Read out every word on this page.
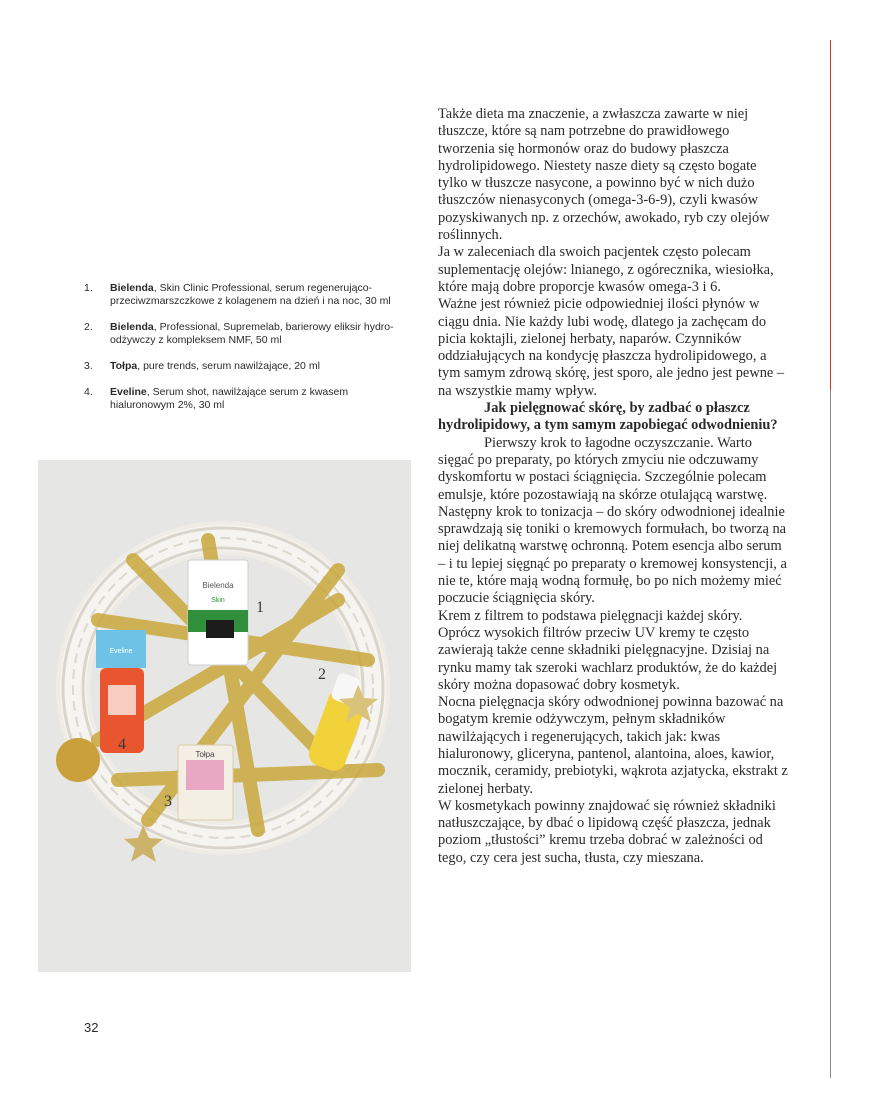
1.	Bielenda, Skin Clinic Professional, serum regenerująco-przeciwzmarszczkowe z kolagenem na dzień i na noc, 30 ml
2.	Bielenda, Professional, Supremelab, barierowy eliksir hydro-odżywczy z kompleksem NMF, 50 ml
3.	Tołpa, pure trends, serum nawilżające, 20 ml
4.	Eveline, Serum shot, nawilżające serum z kwasem hialuronowym 2%, 30 ml
Bielenda
Skin
Eveline
Tołpa
1
2
3
4

Także dieta ma znaczenie, a zwłaszcza zawarte w niej tłuszcze, które są nam potrzebne do prawidłowego tworzenia się hormonów oraz do budowy płaszcza hydrolipidowego. Niestety nasze diety są często bogate tylko w tłuszcze nasycone, a powinno być w nich dużo tłuszczów nienasyconych (omega-3-6-9), czyli kwasów pozyskiwanych np. z orzechów, awokado, ryb czy olejów roślinnych.

Ja w zaleceniach dla swoich pacjentek często polecam suplementację olejów: lnianego, z ogórecznika, wiesiołka, które mają dobre proporcje kwasów omega-3 i 6.

Ważne jest również picie odpowiedniej ilości płynów w ciągu dnia. Nie każdy lubi wodę, dlatego ja zachęcam do picia koktajli, zielonej herbaty, naparów. Czynników oddziałujących na kondycję płaszcza hydrolipidowego, a tym samym zdrową skórę, jest sporo, ale jedno jest pewne – na wszystkie mamy wpływ.

Jak pielęgnować skórę, by zadbać o płaszcz hydrolipidowy, a tym samym zapobiegać odwodnieniu?

Pierwszy krok to łagodne oczyszczanie. Warto sięgać po preparaty, po których zmyciu nie odczuwamy dyskomfortu w postaci ściągnięcia. Szczególnie polecam emulsje, które pozostawiają na skórze otulającą warstwę.

Następny krok to tonizacja – do skóry odwodnionej idealnie sprawdzają się toniki o kremowych formułach, bo tworzą na niej delikatną warstwę ochronną. Potem esencja albo serum – i tu lepiej sięgnąć po preparaty o kremowej konsystencji, a nie te, które mają wodną formułę, bo po nich możemy mieć poczucie ściągnięcia skóry.

Krem z filtrem to podstawa pielęgnacji każdej skóry. Oprócz wysokich filtrów przeciw UV kremy te często zawierają także cenne składniki pielęgnacyjne. Dzisiaj na rynku mamy tak szeroki wachlarz produktów, że do każdej skóry można dopasować dobry kosmetyk.

Nocna pielęgnacja skóry odwodnionej powinna bazować na bogatym kremie odżywczym, pełnym składników nawilżających i regenerujących, takich jak: kwas hialuronowy, gliceryna, pantenol, alantoina, aloes, kawior, mocznik, ceramidy, prebiotyki, wąkrota azjatycka, ekstrakt z zielonej herbaty.

W kosmetykach powinny znajdować się również składniki natłuszczające, by dbać o lipidową część płaszcza, jednak poziom „tłustości” kremu trzeba dobrać w zależności od tego, czy cera jest sucha, tłusta, czy mieszana.

32
